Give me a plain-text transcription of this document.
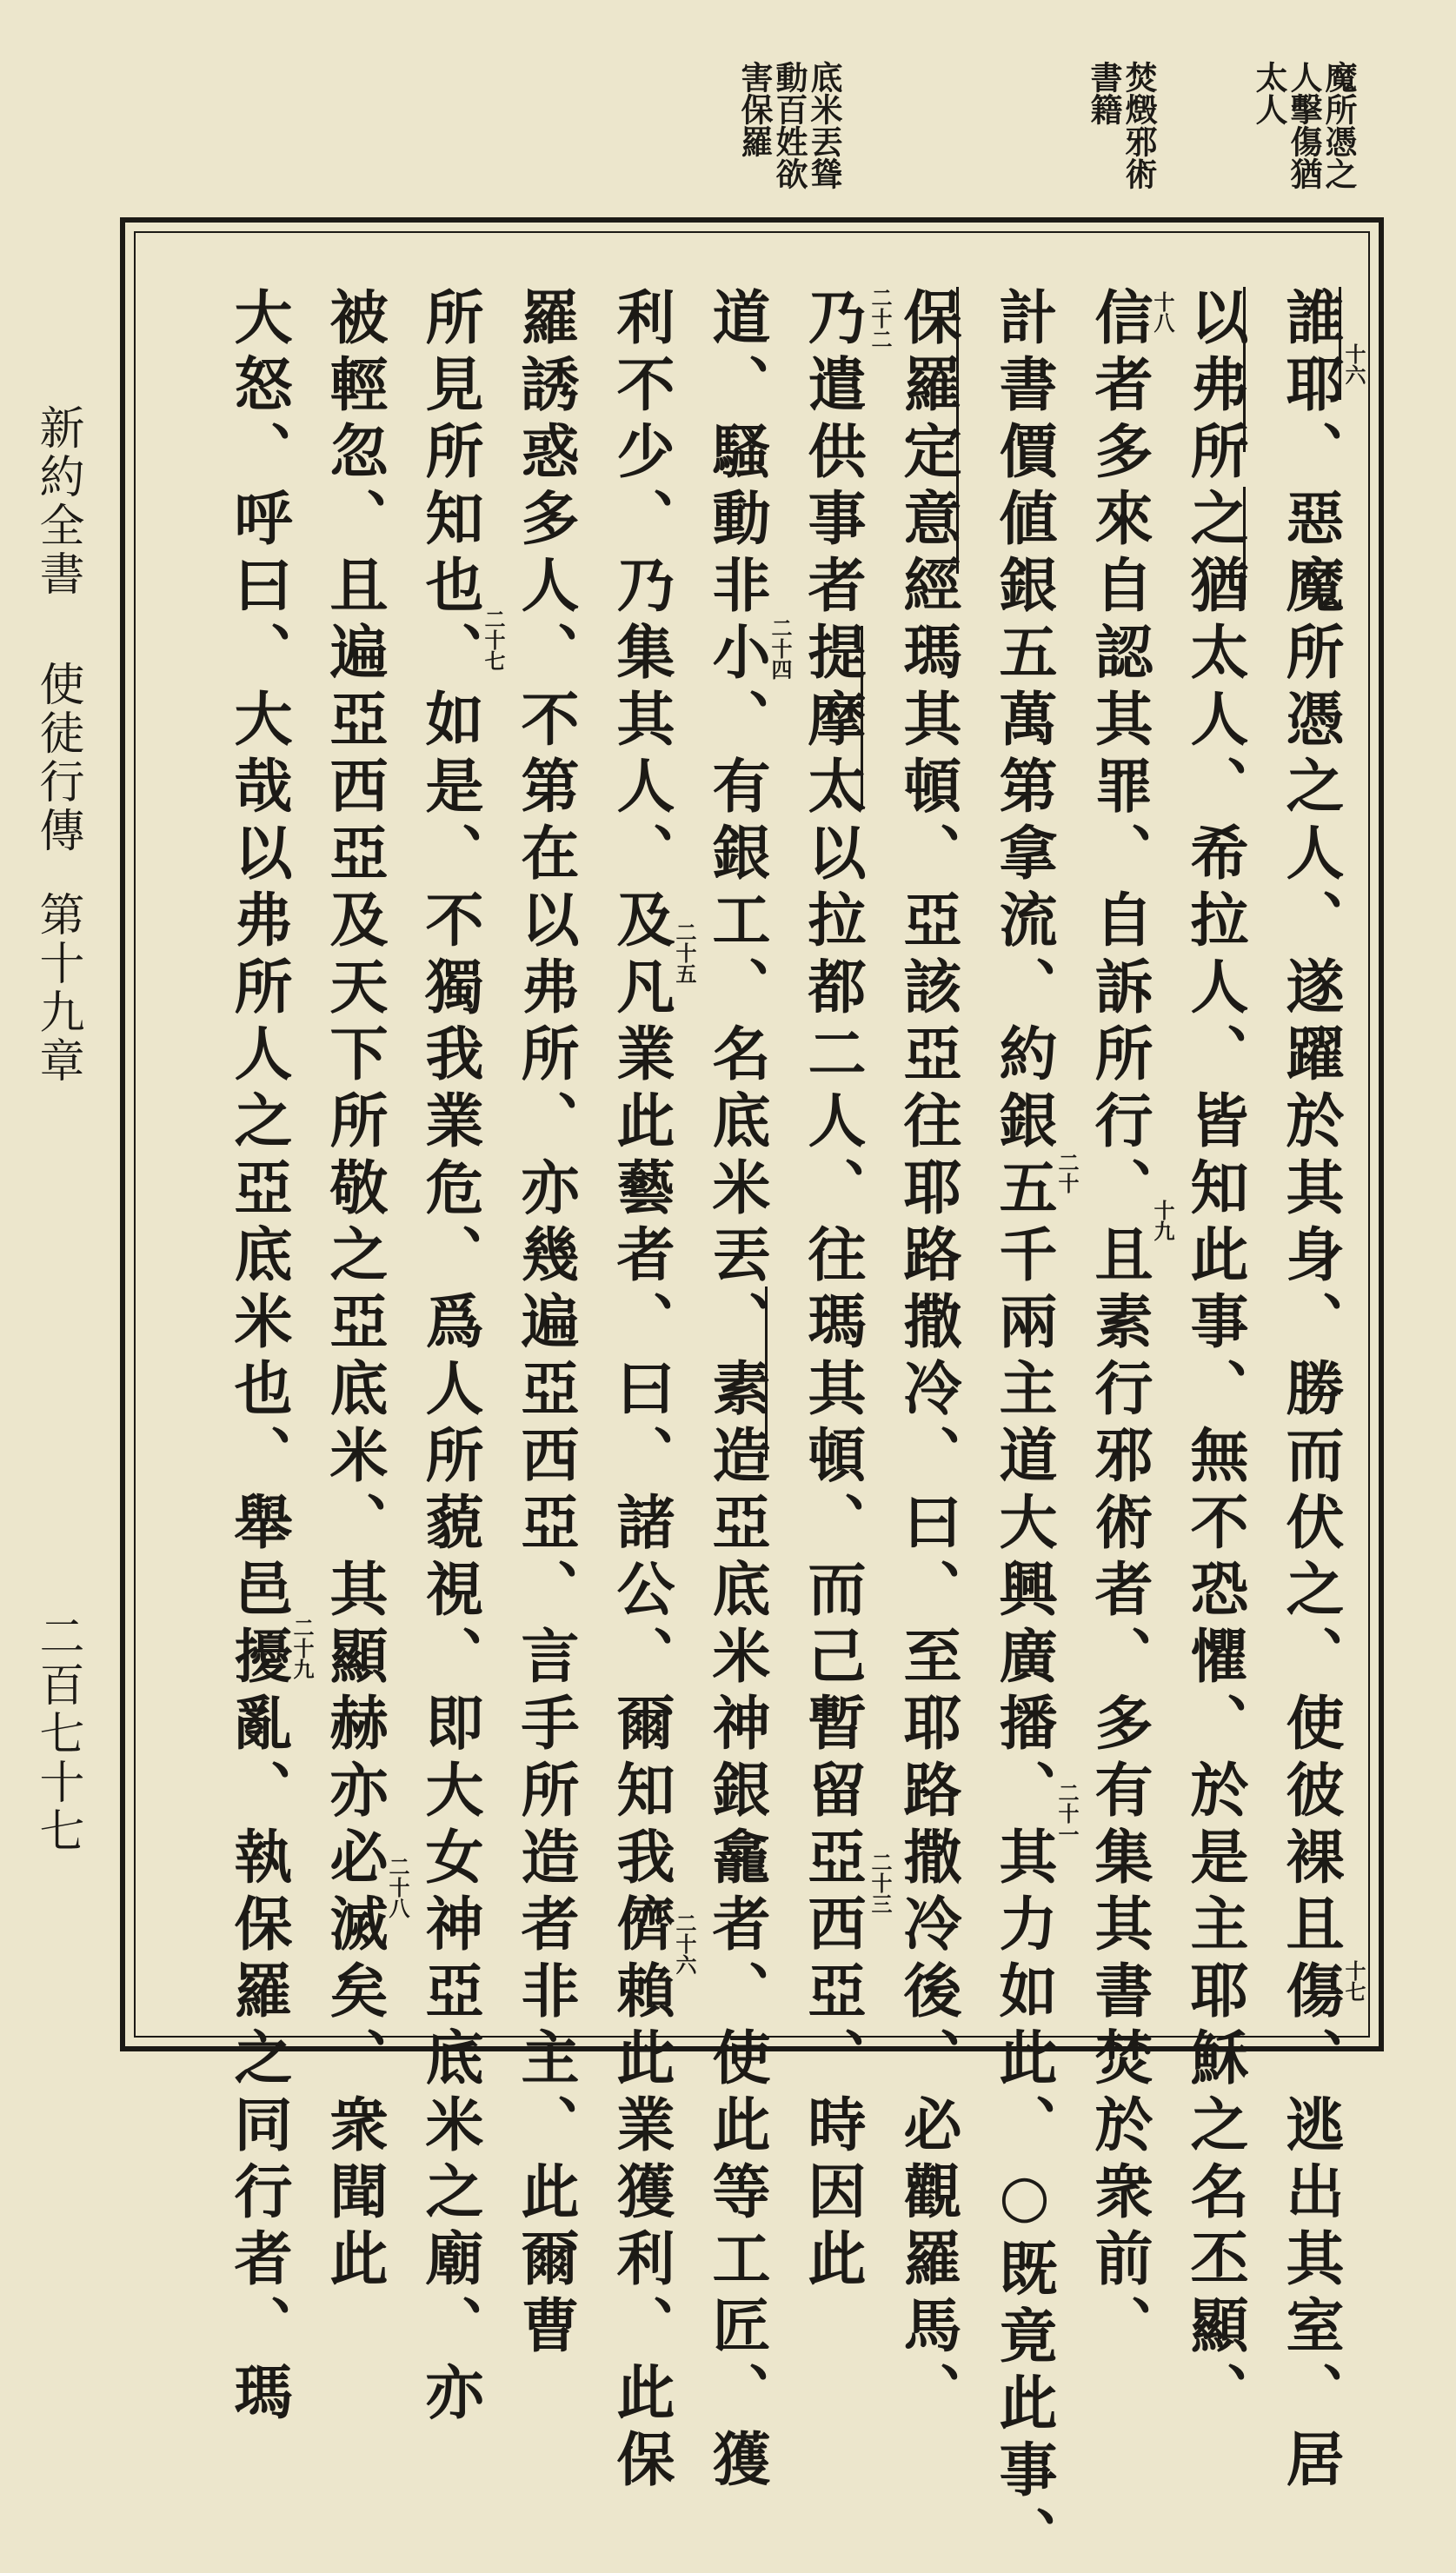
魔所憑之
人擊傷猶
太人
焚燬邪術
書籍
底米丟聳
動百姓欲
害保羅
誰耶、惡魔所憑之人、遂躍於其身、勝而伏之、使彼裸且傷、逃出其室、居
以弗所之猶太人、希拉人、皆知此事、無不恐懼、於是主耶穌之名丕顯、
信者多來自認其罪、自訴所行、且素行邪術者、多有集其書焚於衆前、
計書價値銀五萬第拿流、約銀五千兩主道大興廣播、其力如此、○既竟此事、
保羅定意經瑪其頓、亞該亞往耶路撒冷、曰、至耶路撒冷後、必觀羅馬、
乃遣供事者提摩太以拉都二人、往瑪其頓、而己暫留亞西亞、時因此
道、騷動非小、有銀工、名底米丟、素造亞底米神銀龕者、使此等工匠、獲
利不少、乃集其人、及凡業此藝者、曰、諸公、爾知我儕賴此業獲利、此保
羅誘惑多人、不第在以弗所、亦幾遍亞西亞、言手所造者非主、此爾曹
所見所知也、如是、不獨我業危、爲人所藐視、即大女神亞底米之廟、亦
被輕忽、且遍亞西亞及天下所敬之亞底米、其顯赫亦必滅矣、衆聞此
大怒、呼曰、大哉以弗所人之亞底米也、舉邑擾亂、執保羅之同行者、瑪	十六
十七
十八
十九
二十
二十一
二十二
二十三
二十四
二十五
二十六
二十七
二十八
二十九
新約全書
使徒行傳
第十九章
二百七十七
